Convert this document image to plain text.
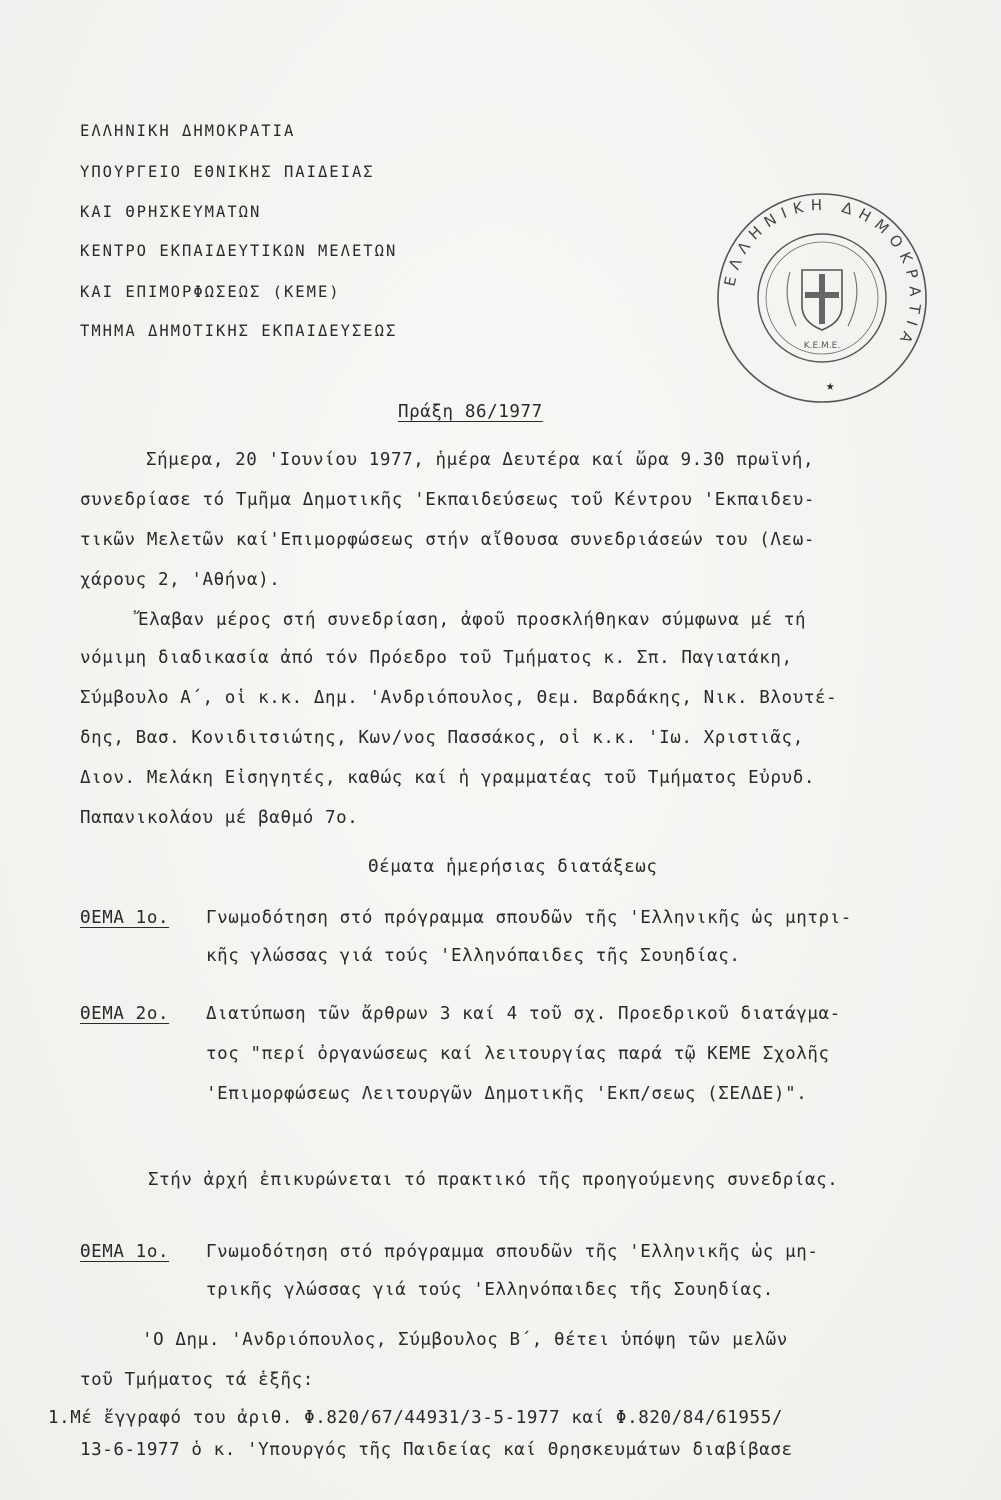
ΕΛΛΗΝΙΚΗ ΔΗΜΟΚΡΑΤΙΑ
ΥΠΟΥΡΓΕΙΟ ΕΘΝΙΚΗΣ ΠΑΙΔΕΙΑΣ
ΚΑΙ ΘΡΗΣΚΕΥΜΑΤΩΝ
ΚΕΝΤΡΟ ΕΚΠΑΙΔΕΥΤΙΚΩΝ ΜΕΛΕΤΩΝ
ΚΑΙ ΕΠΙΜΟΡΦΩΣΕΩΣ (ΚΕΜΕ)
ΤΜΗΜΑ ΔΗΜΟΤΙΚΗΣ ΕΚΠΑΙΔΕΥΣΕΩΣ
ΕΛΛΗΝΙΚΗ ΔΗΜΟΚΡΑΤΙΑ
Κ.Ε.Μ.Ε.
★
Πράξη 86/1977
Σήμερα, 20 'Ιουνίου 1977, ἡμέρα Δευτέρα καί ὥρα 9.30 πρωϊνή,
συνεδρίασε τό Τμῆμα Δημοτικῆς 'Εκπαιδεύσεως τοῦ Κέντρου 'Εκπαιδευ-
τικῶν Μελετῶν καί'Επιμορφώσεως στήν αἴθουσα συνεδριάσεών του (Λεω-
χάρους 2, 'Αθήνα).
Ἔλαβαν μέρος στή συνεδρίαση, ἀφοῦ προσκλήθηκαν σύμφωνα μέ τή
νόμιμη διαδικασία ἀπό τόν Πρόεδρο τοῦ Τμήματος κ. Σπ. Παγιατάκη,
Σύμβουλο Α΄, οἱ κ.κ. Δημ. 'Ανδριόπουλος, Θεμ. Βαρδάκης, Νικ. Βλουτέ-
δης, Βασ. Κονιδιτσιώτης, Κων/νος Πασσάκος, οἱ κ.κ. 'Ιω. Χριστιᾶς,
Διον. Μελάκη Εἰσηγητές, καθώς καί ἡ γραμματέας τοῦ Τμήματος Εὐρυδ.
Παπανικολάου μέ βαθμό 7ο.
Θέματα ἡμερήσιας διατάξεως
ΘΕΜΑ 1ο. Γνωμοδότηση στό πρόγραμμα σπουδῶν τῆς 'Ελληνικῆς ὡς μητρι-
κῆς γλώσσας γιά τούς 'Ελληνόπαιδες τῆς Σουηδίας.
ΘΕΜΑ 2ο. Διατύπωση τῶν ἄρθρων 3 καί 4 τοῦ σχ. Προεδρικοῦ διατάγμα-
τος "περί ὀργανώσεως καί λειτουργίας παρά τῷ ΚΕΜΕ Σχολῆς
'Επιμορφώσεως Λειτουργῶν Δημοτικῆς 'Εκπ/σεως (ΣΕΛΔΕ)".
Στήν ἀρχή ἐπικυρώνεται τό πρακτικό τῆς προηγούμενης συνεδρίας.
ΘΕΜΑ 1ο. Γνωμοδότηση στό πρόγραμμα σπουδῶν τῆς 'Ελληνικῆς ὡς μη-
τρικῆς γλώσσας γιά τούς 'Ελληνόπαιδες τῆς Σουηδίας.
'Ο Δημ. 'Ανδριόπουλος, Σύμβουλος Β΄, θέτει ὑπόψη τῶν μελῶν
τοῦ Τμήματος τά ἑξῆς:
1.Μέ ἔγγραφό του ἀριθ. Φ.820/67/44931/3-5-1977 καί Φ.820/84/61955/
13-6-1977 ὁ κ. 'Υπουργός τῆς Παιδείας καί Θρησκευμάτων διαβίβασε
